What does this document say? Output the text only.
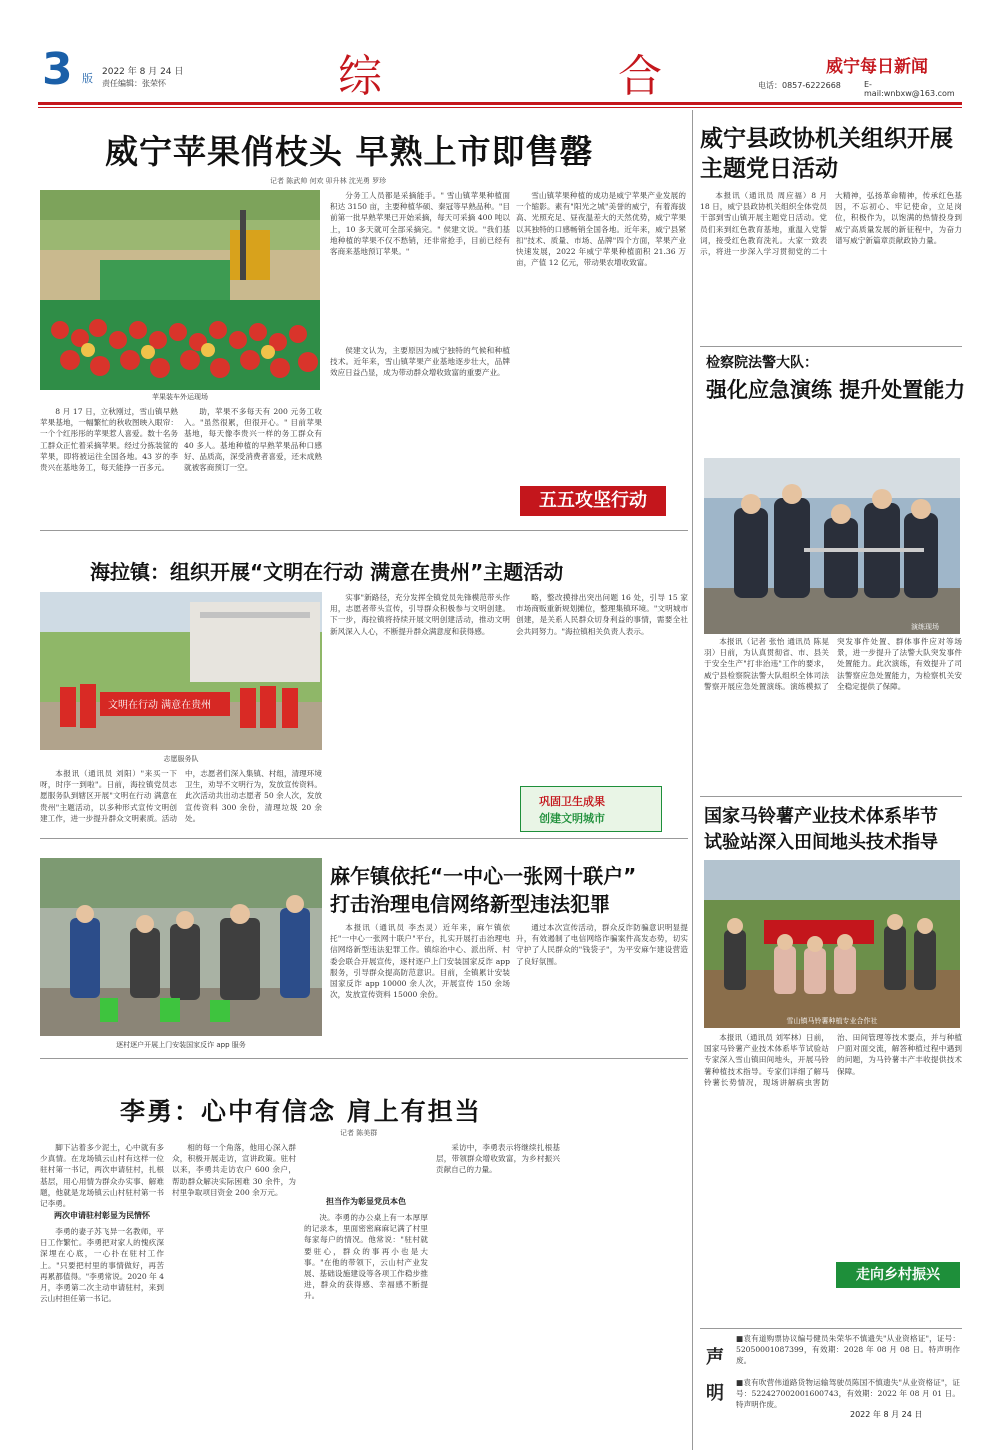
3 版 2022 年 8 月 24 日
责任编辑：张荣怀	综	合	威宁每日新闻
电话：0857-6222668	E-mail:wnbxw@163.com
威宁苹果俏枝头 早熟上市即售罄
记者 陈武帅 何欢 卯升林 沈光勇 罗珍
苹果装车外运现场

8 月 17 日，立秋刚过，雪山镇早熟苹果基地，一幅繁忙的秋收图映入眼帘：一个个红彤彤的苹果惹人喜爱。数十名务工群众正忙着采摘苹果。经过分拣装筐的苹果，即将被运往全国各地。43 岁的李贵兴在基地务工，每天能挣一百多元。

助，苹果不多每天有 200 元务工收入。"虽然很累，但很开心。" 目前苹果基地，每天像李贵兴一样的务工群众有 40 多人。基地种植的早熟苹果品种口感好、品质高，深受消费者喜爱，还未成熟就被客商预订一空。

分务工人员都是采摘能手。" 雪山镇苹果种植面积达 3150 亩，主要种植华硕、秦冠等早熟品种。"目前第一批早熟苹果已开始采摘，每天可采摘 400 吨以上，10 多天就可全部采摘完。" 侯建文说。"我们基地种植的苹果不仅不愁销，还非常抢手，目前已经有客商来基地预订苹果。"

侯建文认为，主要原因为威宁独特的气候和种植技术。近年来，雪山镇苹果产业基地逐步壮大，品牌效应日益凸显，成为带动群众增收致富的重要产业。

雪山镇苹果种植的成功是威宁苹果产业发展的一个缩影。素有"阳光之城"美誉的威宁，有着海拔高、光照充足、昼夜温差大的天然优势，威宁苹果以其独特的口感畅销全国各地。近年来，威宁县紧扣"技术、质量、市场、品牌"四个方面，苹果产业快速发展，2022 年威宁苹果种植面积 21.36 万亩，产值 12 亿元，带动果农增收致富。

五五攻坚行动
威宁县政协机关组织开展主题党日活动

本报讯（通讯员 周应福）8 月 18 日，威宁县政协机关组织全体党员干部到雪山镇开展主题党日活动。党员们来到红色教育基地，重温入党誓词，接受红色教育洗礼。大家一致表示，将进一步深入学习贯彻党的二十大精神，弘扬革命精神，传承红色基因，不忘初心、牢记使命，立足岗位，积极作为，以饱满的热情投身到威宁高质量发展的新征程中，为奋力谱写威宁新篇章贡献政协力量。

检察院法警大队：
强化应急演练 提升处置能力
演练现场

本报讯（记者 张怡 通讯员 陈晃羽）日前，为认真贯彻省、市、县关于安全生产"打非治违"工作的要求，威宁县检察院法警大队组织全体司法警察开展应急处置演练。演练模拟了突发事件处置、群体事件应对等场景，进一步提升了法警大队突发事件处置能力。此次演练，有效提升了司法警察应急处置能力，为检察机关安全稳定提供了保障。

海拉镇：组织开展“文明在行动 满意在贵州”主题活动
文明在行动 满意在贵州
志愿服务队

本报讯（通讯员 刘阳）"来买一下呀，时序一到啦"。日前，海拉镇党员志愿服务队到辖区开展"文明在行动 满意在贵州"主题活动，以多种形式宣传文明创建工作，进一步提升群众文明素质。活动中，志愿者们深入集镇、村组，清理环境卫生，劝导不文明行为，发放宣传资料。此次活动共出动志愿者 50 余人次，发放宣传资料 300 余份，清理垃圾 20 余处。

实事"新路径，充分发挥全镇党员先锋模范带头作用，志愿者带头宣传，引导群众积极参与文明创建。下一步，海拉镇将持续开展文明创建活动，推动文明新风深入人心，不断提升群众满意度和获得感。

略，整改摸排出突出问题 16 处，引导 15 家市场商贩重新规划摊位，整理集镇环境。"文明城市创建，是关系人民群众切身利益的事情，需要全社会共同努力。"海拉镇相关负责人表示。

巩固卫生成果
创建文明城市
逐村逐户开展上门安装国家反诈 app 服务
麻乍镇依托“一中心一张网十联户”
打击治理电信网络新型违法犯罪

本报讯（通讯员 李杰灵）近年来，麻乍镇依托"一中心一张网十联户"平台，扎实开展打击治理电信网络新型违法犯罪工作。镇综治中心、派出所、村委会联合开展宣传，逐村逐户上门安装国家反诈 app 服务，引导群众提高防范意识。目前，全镇累计安装国家反诈 app 10000 余人次，开展宣传 150 余场次，发放宣传资料 15000 余份。

通过本次宣传活动，群众反诈防骗意识明显提升，有效遏制了电信网络诈骗案件高发态势，切实守护了人民群众的"钱袋子"，为平安麻乍建设营造了良好氛围。

国家马铃薯产业技术体系毕节
试验站深入田间地头技术指导
雪山镇马铃薯种植专业合作社

本报讯（通讯员 刘军林）日前，国家马铃薯产业技术体系毕节试验站专家深入雪山镇田间地头，开展马铃薯种植技术指导。专家们详细了解马铃薯长势情况，现场讲解病虫害防治、田间管理等技术要点，并与种植户面对面交流，解答种植过程中遇到的问题，为马铃薯丰产丰收提供技术保障。

走向乡村振兴
李勇：心中有信念 肩上有担当
记者 陈美群

脚下沾着多少泥土，心中就有多少真情。在龙场镇云山村有这样一位驻村第一书记，两次申请驻村，扎根基层，用心用情为群众办实事、解难题，他就是龙场镇云山村驻村第一书记李勇。

两次申请驻村彰显为民情怀

李勇的妻子苏飞异一名教师，平日工作繁忙。李勇把对家人的愧疚深深埋在心底，一心扑在驻村工作上。"只要把村里的事情做好，再苦再累都值得。"李勇常说。2020 年 4 月，李勇第二次主动申请驻村，来到云山村担任第一书记。

相的每一个角落，他用心深入群众，积极开展走访，宣讲政策。驻村以来，李勇共走访农户 600 余户，帮助群众解决实际困难 30 余件，为村里争取项目资金 200 余万元。

担当作为彰显党员本色

决。李勇的办公桌上有一本厚厚的记录本，里面密密麻麻记满了村里每家每户的情况。他常说："驻村就要驻心，群众的事再小也是大事。"在他的带领下，云山村产业发展、基础设施建设等各项工作稳步推进，群众的获得感、幸福感不断提升。

采访中，李勇表示将继续扎根基层，带领群众增收致富，为乡村振兴贡献自己的力量。

声
明
■袁有道购票协议编号健员朱荣华不慎遗失"从业资格证"，证号：52050001087399，有效期：2028 年 08 月 08 日。特声明作废。
■袁有吹营伟道路货物运输驾驶员陈国不慎遗失"从业资格证"，证号：522427002001600743，有效期：2022 年 08 月 01 日。特声明作废。
2022 年 8 月 24 日
